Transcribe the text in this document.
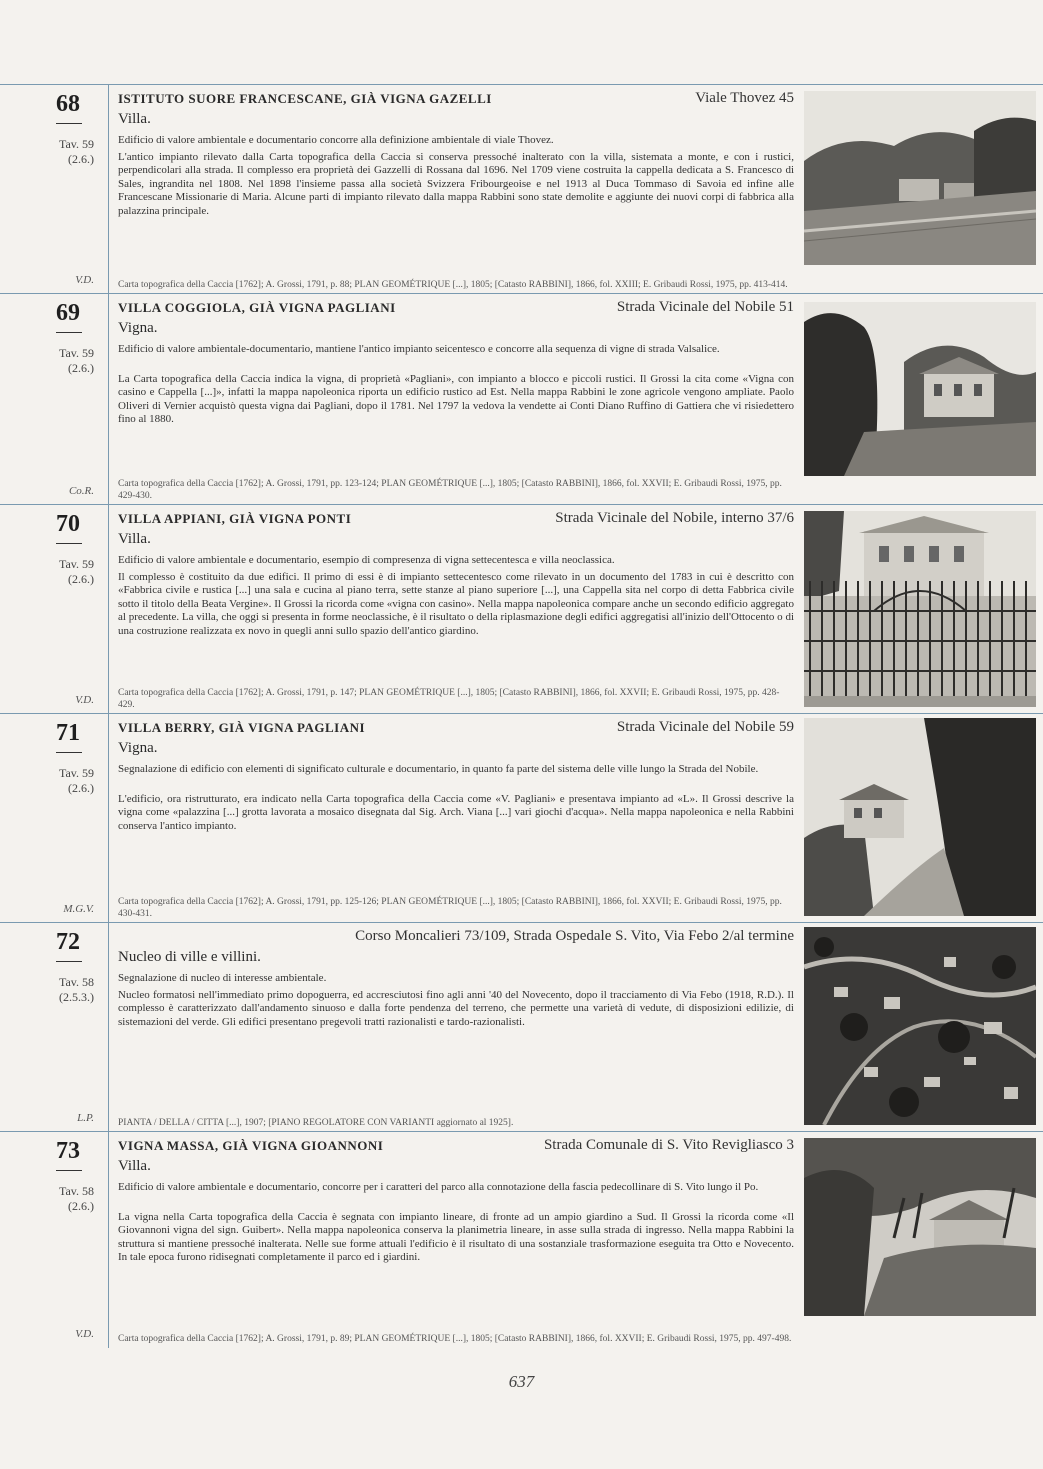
68
Tav. 59
(2.6.)
V.D.
ISTITUTO SUORE FRANCESCANE, GIÀ VIGNA GAZELLI	Viale Thovez 45
Villa.
Edificio di valore ambientale e documentario concorre alla definizione ambientale di viale Thovez.
L'antico impianto rilevato dalla Carta topografica della Caccia si conserva pressoché inalterato con la villa, sistemata a monte, e con i rustici, perpendicolari alla strada. Il complesso era proprietà dei Gazzelli di Rossana dal 1696. Nel 1709 viene costruita la cappella dedicata a S. Francesco di Sales, ingrandita nel 1808. Nel 1898 l'insieme passa alla società Svizzera Fribourgeoise e nel 1913 al Duca Tommaso di Savoia ed infine alle Francescane Missionarie di Maria. Alcune parti di impianto rilevato dalla mappa Rabbini sono state demolite e aggiunte dei nuovi corpi di fabbrica alla palazzina principale.
Carta topografica della Caccia [1762]; A. Grossi, 1791, p. 88; PLAN GEOMÉTRIQUE [...], 1805; [Catasto RABBINI], 1866, fol. XXIII; E. Gribaudi Rossi, 1975, pp. 413-414.
69
Tav. 59
(2.6.)
Co.R.
VILLA COGGIOLA, GIÀ VIGNA PAGLIANI	Strada Vicinale del Nobile 51
Vigna.
Edificio di valore ambientale-documentario, mantiene l'antico impianto seicentesco e concorre alla sequenza di vigne di strada Valsalice.
La Carta topografica della Caccia indica la vigna, di proprietà «Pagliani», con impianto a blocco e piccoli rustici. Il Grossi la cita come «Vigna con casino e Cappella [...]», infatti la mappa napoleonica riporta un edificio rustico ad Est. Nella mappa Rabbini le zone agricole vengono ampliate. Paolo Oliveri di Vernier acquistò questa vigna dai Pagliani, dopo il 1781. Nel 1797 la vedova la vendette ai Conti Diano Ruffino di Gattiera che vi risiedettero fino al 1880.
Carta topografica della Caccia [1762]; A. Grossi, 1791, pp. 123-124; PLAN GEOMÉTRIQUE [...], 1805; [Catasto RABBINI], 1866, fol. XXVII; E. Gribaudi Rossi, 1975, pp. 429-430.
70
Tav. 59
(2.6.)
V.D.
VILLA APPIANI, GIÀ VIGNA PONTI	Strada Vicinale del Nobile, interno 37/6
Villa.
Edificio di valore ambientale e documentario, esempio di compresenza di vigna settecentesca e villa neoclassica.
Il complesso è costituito da due edifici. Il primo di essi è di impianto settecentesco come rilevato in un documento del 1783 in cui è descritto con «Fabbrica civile e rustica [...] una sala e cucina al piano terra, sette stanze al piano superiore [...], una Cappella sita nel corpo di detta Fabbrica civile sotto il titolo della Beata Vergine». Il Grossi la ricorda come «vigna con casino». Nella mappa napoleonica compare anche un secondo edificio aggregato al precedente. La villa, che oggi si presenta in forme neoclassiche, è il risultato o della riplasmazione degli edifici aggregatisi all'inizio dell'Ottocento o di una costruzione realizzata ex novo in quegli anni sullo spazio dell'antico giardino.
Carta topografica della Caccia [1762]; A. Grossi, 1791, p. 147; PLAN GEOMÉTRIQUE [...], 1805; [Catasto RABBINI], 1866, fol. XXVII; E. Gribaudi Rossi, 1975, pp. 428-429.
71
Tav. 59
(2.6.)
M.G.V.
VILLA BERRY, GIÀ VIGNA PAGLIANI	Strada Vicinale del Nobile 59
Vigna.
Segnalazione di edificio con elementi di significato culturale e documentario, in quanto fa parte del sistema delle ville lungo la Strada del Nobile.
L'edificio, ora ristrutturato, era indicato nella Carta topografica della Caccia come «V. Pagliani» e presentava impianto ad «L». Il Grossi descrive la vigna come «palazzina [...] grotta lavorata a mosaico disegnata dal Sig. Arch. Viana [...] vari giochi d'acqua». Nella mappa napoleonica e nella Rabbini conserva l'antico impianto.
Carta topografica della Caccia [1762]; A. Grossi, 1791, pp. 125-126; PLAN GEOMÉTRIQUE [...], 1805; [Catasto RABBINI], 1866, fol. XXVII; E. Gribaudi Rossi, 1975, pp. 430-431.
72
Tav. 58
(2.5.3.)
L.P.
Corso Moncalieri 73/109, Strada Ospedale S. Vito, Via Febo 2/al termine
Nucleo di ville e villini.
Segnalazione di nucleo di interesse ambientale.
Nucleo formatosi nell'immediato primo dopoguerra, ed accresciutosi fino agli anni '40 del Novecento, dopo il tracciamento di Via Febo (1918, R.D.). Il complesso è caratterizzato dall'andamento sinuoso e dalla forte pendenza del terreno, che permette una varietà di vedute, di disposizioni edilizie, di sistemazioni del verde. Gli edifici presentano pregevoli tratti razionalisti e tardo-razionalisti.
PIANTA / DELLA / CITTA [...], 1907; [PIANO REGOLATORE CON VARIANTI aggiornato al 1925].
73
Tav. 58
(2.6.)
V.D.
VIGNA MASSA, GIÀ VIGNA GIOANNONI	Strada Comunale di S. Vito Revigliasco 3
Villa.
Edificio di valore ambientale e documentario, concorre per i caratteri del parco alla connotazione della fascia pedecollinare di S. Vito lungo il Po.
La vigna nella Carta topografica della Caccia è segnata con impianto lineare, di fronte ad un ampio giardino a Sud. Il Grossi la ricorda come «Il Giovannoni vigna del sign. Guibert». Nella mappa napoleonica conserva la planimetria lineare, in asse sulla strada di ingresso. Nella mappa Rabbini la struttura si mantiene pressoché inalterata. Nelle sue forme attuali l'edificio è il risultato di una sostanziale trasformazione eseguita tra Otto e Novecento. In tale epoca furono ridisegnati completamente il parco ed i giardini.
Carta topografica della Caccia [1762]; A. Grossi, 1791, p. 89; PLAN GEOMÉTRIQUE [...], 1805; [Catasto RABBINI], 1866, fol. XXVII; E. Gribaudi Rossi, 1975, pp. 497-498.
637
